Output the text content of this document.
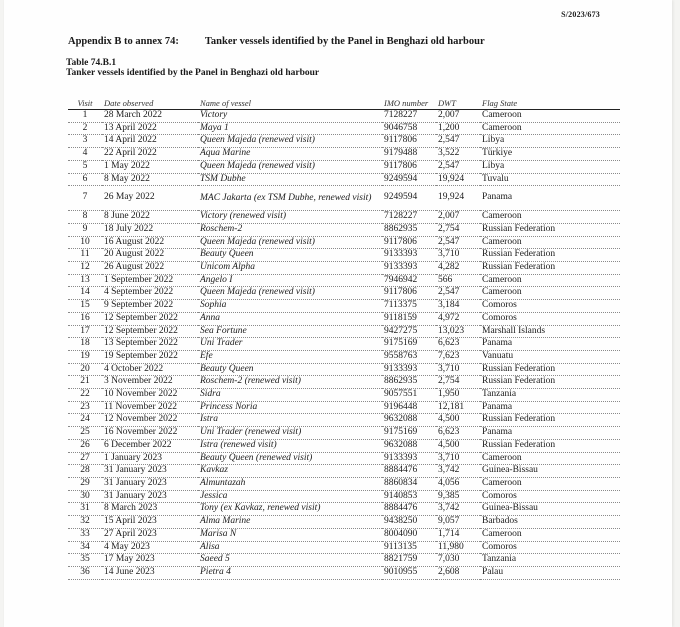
S/2023/673
Appendix B to annex 74: Tanker vessels identified by the Panel in Benghazi old harbour
Table 74.B.1
Tanker vessels identified by the Panel in Benghazi old harbour
Visit	Date observed	Name of vessel	IMO number	DWT	Flag State
1	28 March 2022	Victory	7128227	2,007	Cameroon
2	13 April 2022	Maya 1	9046758	1,200	Cameroon
3	14 April 2022	Queen Majeda (renewed visit)	9117806	2,547	Libya
4	22 April 2022	Aqua Marine	9179488	3,522	Türkiye
5	1 May 2022	Queen Majeda (renewed visit)	9117806	2,547	Libya
6	8 May 2022	TSM Dubhe	9249594	19,924	Tuvalu
7	26 May 2022	MAC Jakarta (ex TSM Dubhe, renewed visit)	9249594	19,924	Panama
8	8 June 2022	Victory (renewed visit)	7128227	2,007	Cameroon
9	18 July 2022	Roschem-2	8862935	2,754	Russian Federation
10	16 August 2022	Queen Majeda (renewed visit)	9117806	2,547	Cameroon
11	20 August 2022	Beauty Queen	9133393	3,710	Russian Federation
12	26 August 2022	Unicom Alpha	9133393	4,282	Russian Federation
13	1 September 2022	Angelo I	7946942	566	Cameroon
14	4 September 2022	Queen Majeda (renewed visit)	9117806	2,547	Cameroon
15	9 September 2022	Sophia	7113375	3,184	Comoros
16	12 September 2022	Anna	9118159	4,972	Comoros
17	12 September 2022	Sea Fortune	9427275	13,023	Marshall Islands
18	13 September 2022	Uni Trader	9175169	6,623	Panama
19	19 September 2022	Efe	9558763	7,623	Vanuatu
20	4 October 2022	Beauty Queen	9133393	3,710	Russian Federation
21	3 November 2022	Roschem-2 (renewed visit)	8862935	2,754	Russian Federation
22	10 November 2022	Sidra	9057551	1,950	Tanzania
23	11 November 2022	Princess Noria	9196448	12,181	Panama
24	12 November 2022	Istra	9632088	4,500	Russian Federation
25	16 November 2022	Uni Trader (renewed visit)	9175169	6,623	Panama
26	6 December 2022	Istra (renewed visit)	9632088	4,500	Russian Federation
27	1 January 2023	Beauty Queen (renewed visit)	9133393	3,710	Cameroon
28	31 January 2023	Kavkaz	8884476	3,742	Guinea-Bissau
29	31 January 2023	Almuntazah	8860834	4,056	Cameroon
30	31 January 2023	Jessica	9140853	9,385	Comoros
31	8 March 2023	Tony (ex Kavkaz, renewed visit)	8884476	3,742	Guinea-Bissau
32	15 April 2023	Alma Marine	9438250	9,057	Barbados
33	27 April 2023	Marisa N	8004090	1,714	Cameroon
34	4 May 2023	Alisa	9113135	11,980	Comoros
35	17 May 2023	Saeed 5	8821759	7,030	Tanzania
36	14 June 2023	Pietra 4	9010955	2,608	Palau
